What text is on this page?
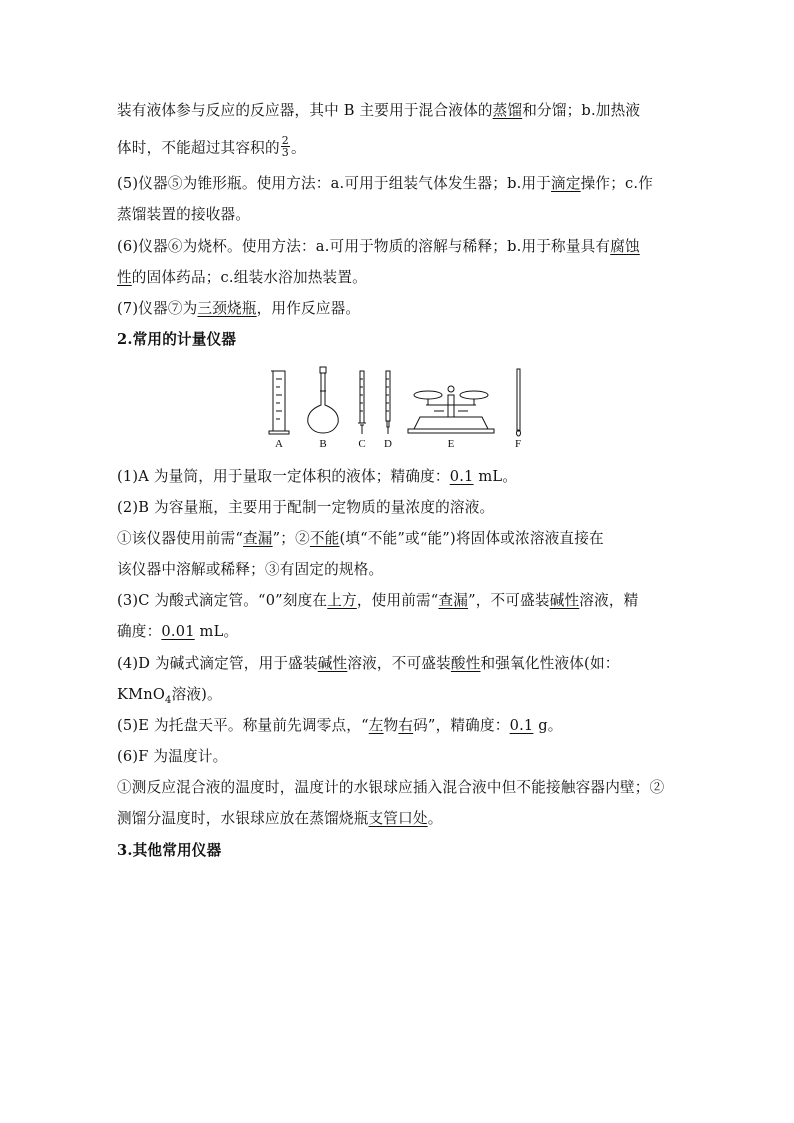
装有液体参与反应的反应器，其中 B 主要用于混合液体的蒸馏和分馏；b.加热液
体时，不能超过其容积的 $\frac{2}{3}$ 。
(5)仪器⑤为锥形瓶。使用方法：a.可用于组装气体发生器；b.用于滴定操作；c.作
蒸馏装置的接收器。
(6)仪器⑥为烧杯。使用方法：a.可用于物质的溶解与稀释；b.用于称量具有腐蚀
性的固体药品；c.组装水浴加热装置。
(7)仪器⑦为三颈烧瓶，用作反应器。
2.常用的计量仪器
A	B	C D	E	F
(1)A 为量筒，用于量取一定体积的液体；精确度：0.1 mL。
(2)B 为容量瓶，主要用于配制一定物质的量浓度的溶液。
①该仪器使用前需“查漏”；②不能(填“不能”或“能”)将固体或浓溶液直接在
该仪器中溶解或稀释；③有固定的规格。
(3)C 为酸式滴定管。“0”刻度在上方，使用前需“查漏”，不可盛装碱性溶液，精
确度：0.01 mL。
(4)D 为碱式滴定管，用于盛装碱性溶液，不可盛装酸性和强氧化性液体(如：
KMnO$_4$溶液)。
(5)E 为托盘天平。称量前先调零点，“左物右码”，精确度：0.1 g。
(6)F 为温度计。
①测反应混合液的温度时，温度计的水银球应插入混合液中但不能接触容器内壁；②
测馏分温度时，水银球应放在蒸馏烧瓶支管口处。
3.其他常用仪器
